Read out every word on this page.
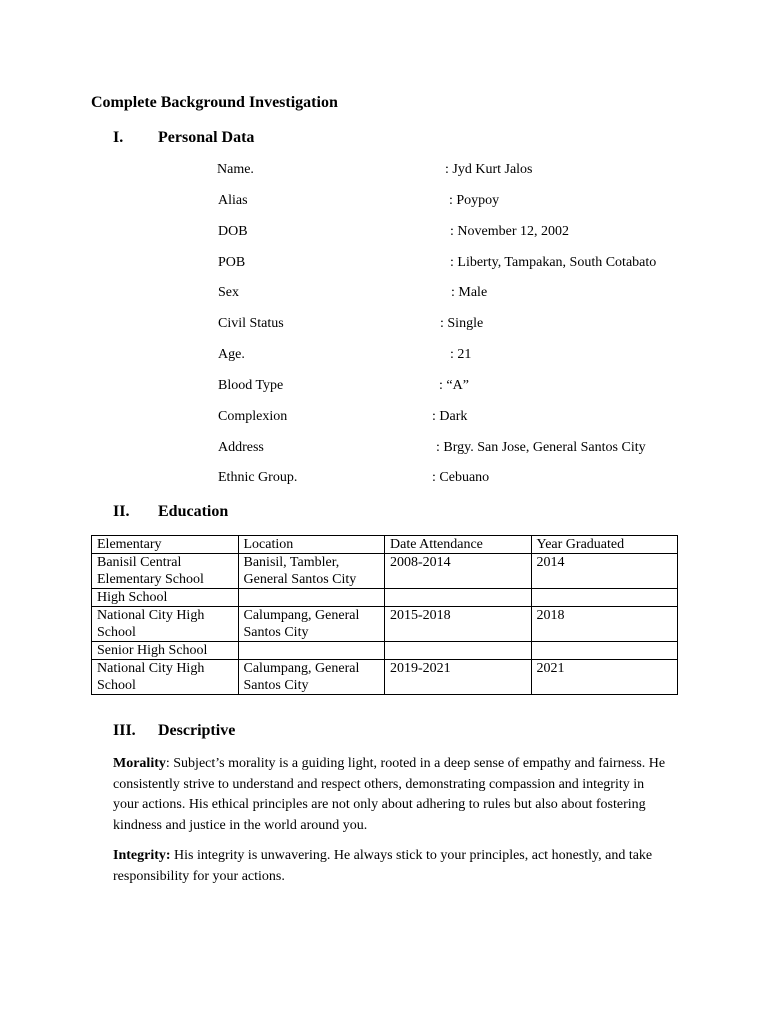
Complete Background Investigation
I. Personal Data
Name.	: Jyd Kurt Jalos
Alias	: Poypoy
DOB	: November 12, 2002
POB	: Liberty, Tampakan, South Cotabato
Sex	: Male
Civil Status	: Single
Age.	: 21
Blood Type	: “A”
Complexion	: Dark
Address	: Brgy. San Jose, General Santos City
Ethnic Group.	: Cebuano
II. Education
Elementary	Location	Date Attendance	Year Graduated
Banisil Central Elementary School	Banisil, Tambler, General Santos City	2008-2014	2014
High School			
National City High School	Calumpang, General Santos City	2015-2018	2018
Senior High School			
National City High School	Calumpang, General Santos City	2019-2021	2021
III. Descriptive
Morality: Subject’s morality is a guiding light, rooted in a deep sense of empathy and fairness. He consistently strive to understand and respect others, demonstrating compassion and integrity in your actions. His ethical principles are not only about adhering to rules but also about fostering kindness and justice in the world around you.
Integrity: His integrity is unwavering. He always stick to your principles, act honestly, and take responsibility for your actions.
